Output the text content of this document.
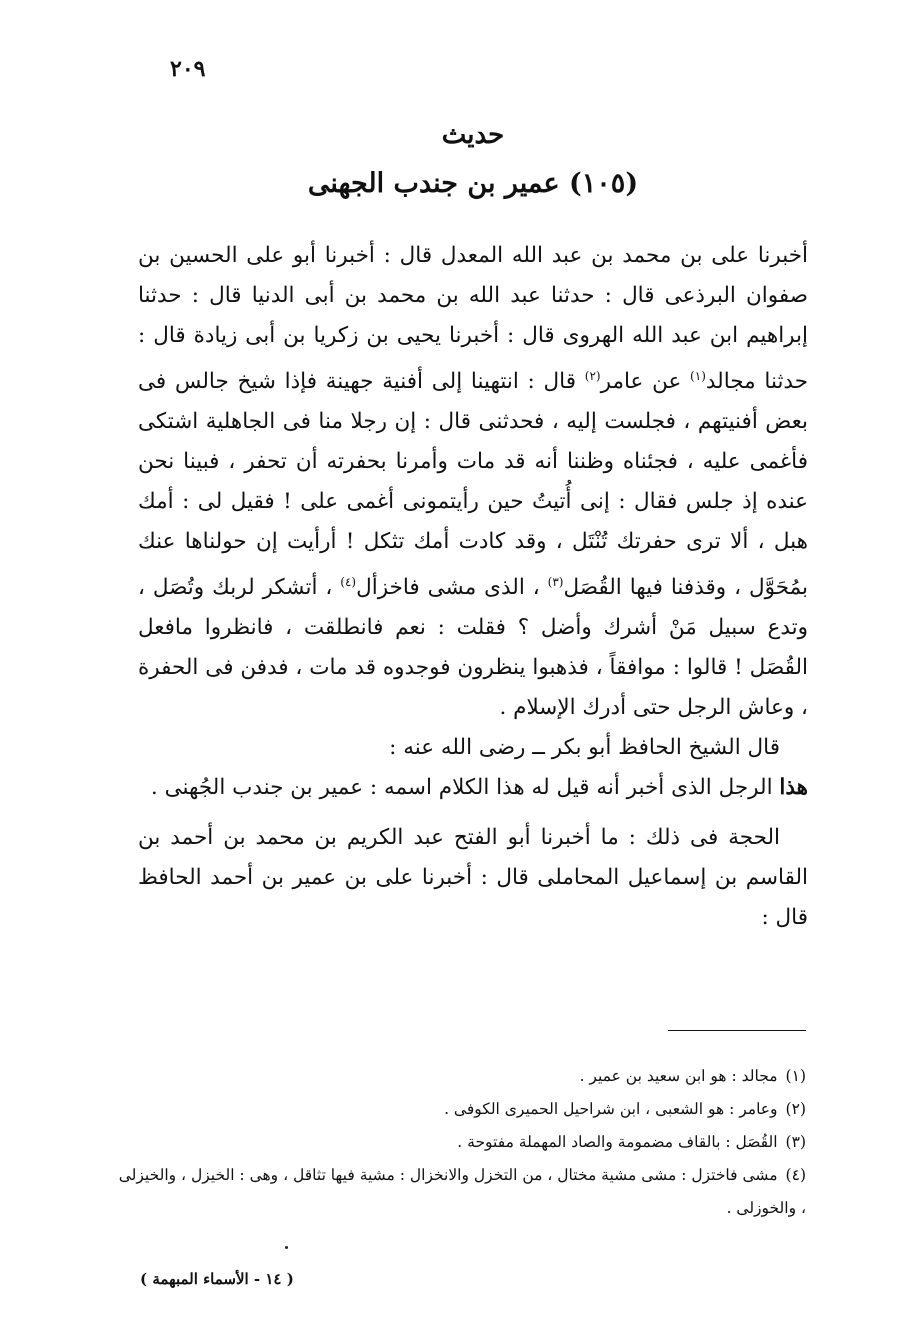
٢٠٩
حديث
(١٠٥) عمير بن جندب الجهنى

أخبرنا على بن محمد بن عبد الله المعدل قال : أخبرنا أبو على الحسين بن صفوان البرذعى قال : حدثنا عبد الله بن محمد بن أبى الدنيا قال : حدثنا إبراهيم ابن عبد الله الهروى قال : أخبرنا يحيى بن زكريا بن أبى زيادة قال : حدثنا مجالد$^{(١)}$ عن عامر$^{(٢)}$ قال : انتهينا إلى أفنية جهينة فإذا شيخ جالس فى بعض أفنيتهم ، فجلست إليه ، فحدثنى قال : إن رجلا منا فى الجاهلية اشتكى فأغمى عليه ، فجئناه وظننا أنه قد مات وأمرنا بحفرته أن تحفر ، فبينا نحن عنده إذ جلس فقال : إنى أُتيتُ حين رأيتمونى أغمى على ! فقيل لى : أمك هبل ، ألا ترى حفرتك تُنْتَل ، وقد كادت أمك تثكل ! أرأيت إن حولناها عنك بمُحَوَّل ، وقذفنا فيها القُصَل$^{(٣)}$ ، الذى مشى فاخزأل$^{(٤)}$ ، أتشكر لربك وتُصَل ، وتدع سبيل مَنْ أشرك وأضل ؟ فقلت : نعم فانطلقت ، فانظروا مافعل القُصَل ! قالوا : موافقاً ، فذهبوا ينظرون فوجدوه قد مات ، فدفن فى الحفرة ، وعاش الرجل حتى أدرك الإسلام .

قال الشيخ الحافظ أبو بكر ــ رضى الله عنه :

هذا الرجل الذى أخبر أنه قيل له هذا الكلام اسمه : عمير بن جندب الجُهنى .

الحجة فى ذلك : ما أخبرنا أبو الفتح عبد الكريم بن محمد بن أحمد بن القاسم بن إسماعيل المحاملى قال : أخبرنا على بن عمير بن أحمد الحافظ قال :

(١)مجالد : هو ابن سعيد بن عمير .

(٢)وعامر : هو الشعبى ، ابن شراحيل الحميرى الكوفى .

(٣)القُصَل : بالقاف مضمومة والصاد المهملة مفتوحة .

(٤)مشى فاختزل : مشى مشية مختال ، من التخزل والانخزال : مشية فيها تثاقل ، وهى : الخيزل ، والخيزلى ، والخوزلى .

( ١٤ - الأسماء المبهمة )
